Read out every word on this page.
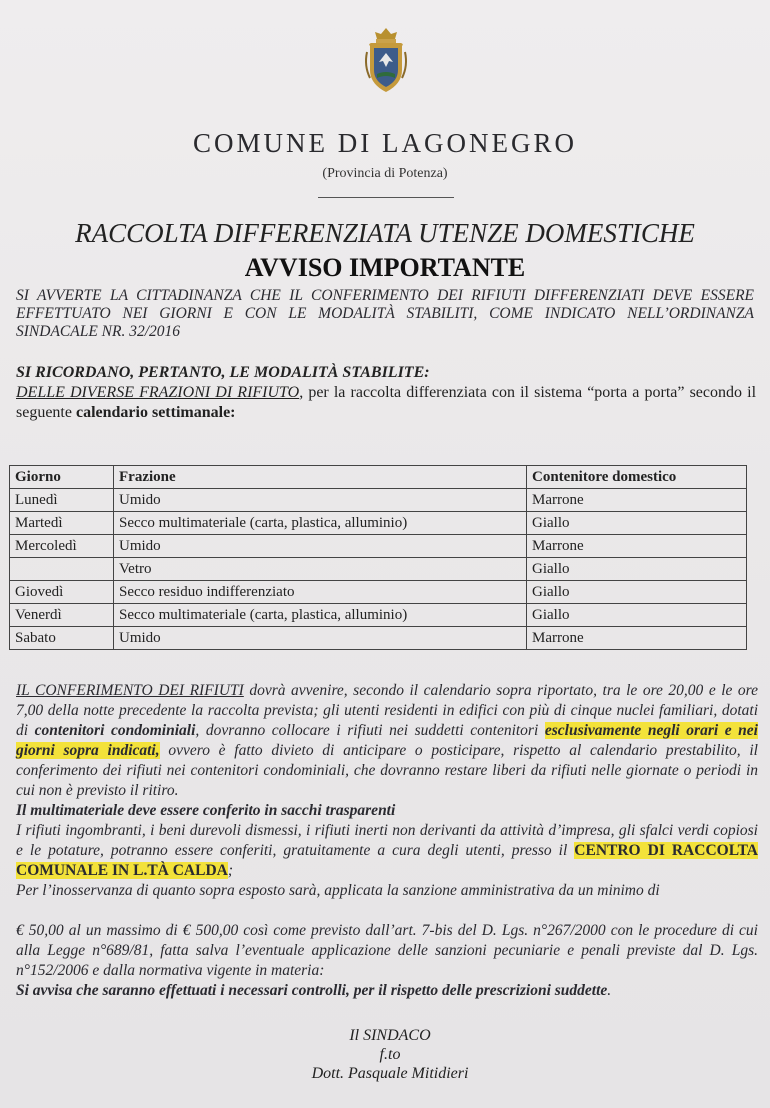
COMUNE DI LAGONEGRO
(Provincia di Potenza)
RACCOLTA DIFFERENZIATA UTENZE DOMESTICHE
AVVISO IMPORTANTE
SI AVVERTE LA CITTADINANZA CHE IL CONFERIMENTO DEI RIFIUTI DIFFERENZIATI DEVE ESSERE EFFETTUATO NEI GIORNI E CON LE MODALITÀ STABILITI, COME INDICATO NELL’ORDINANZA SINDACALE NR. 32/2016
SI RICORDANO, PERTANTO, LE MODALITÀ STABILITE:
DELLE DIVERSE FRAZIONI DI RIFIUTO, per la raccolta differenziata con il sistema “porta a porta” secondo il seguente calendario settimanale:
Giorno	Frazione	Contenitore domestico
Lunedì	Umido	Marrone
Martedì	Secco multimateriale (carta, plastica, alluminio)	Giallo
Mercoledì	Umido	Marrone
	Vetro	Giallo
Giovedì	Secco residuo indifferenziato	Giallo
Venerdì	Secco multimateriale (carta, plastica, alluminio)	Giallo
Sabato	Umido	Marrone
IL CONFERIMENTO DEI RIFIUTI dovrà avvenire, secondo il calendario sopra riportato, tra le ore 20,00 e le ore 7,00 della notte precedente la raccolta prevista; gli utenti residenti in edifici con più di cinque nuclei familiari, dotati di contenitori condominiali, dovranno collocare i rifiuti nei suddetti contenitori esclusivamente negli orari e nei giorni sopra indicati, ovvero è fatto divieto di anticipare o posticipare, rispetto al calendario prestabilito, il conferimento dei rifiuti nei contenitori condominiali, che dovranno restare liberi da rifiuti nelle giornate o periodi in cui non è previsto il ritiro.
Il multimateriale deve essere conferito in sacchi trasparenti
I rifiuti ingombranti, i beni durevoli dismessi, i rifiuti inerti non derivanti da attività d’impresa, gli sfalci verdi copiosi e le potature, potranno essere conferiti, gratuitamente a cura degli utenti, presso il CENTRO DI RACCOLTA COMUNALE IN L.TÀ CALDA;
Per l’inosservanza di quanto sopra esposto sarà, applicata la sanzione amministrativa da un minimo di
€ 50,00 al un massimo di € 500,00 così come previsto dall’art. 7-bis del D. Lgs. n°267/2000 con le procedure di cui alla Legge n°689/81, fatta salva l’eventuale applicazione delle sanzioni pecuniarie e penali previste dal D. Lgs. n°152/2006 e dalla normativa vigente in materia:
Si avvisa che saranno effettuati i necessari controlli, per il rispetto delle prescrizioni suddette.
Il SINDACO
f.to
Dott. Pasquale Mitidieri
